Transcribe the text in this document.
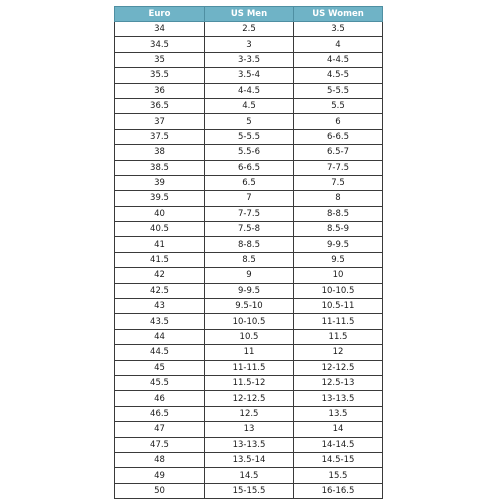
Euro	US Men	US Women
34	2.5	3.5
34.5	3	4
35	3-3.5	4-4.5
35.5	3.5-4	4.5-5
36	4-4.5	5-5.5
36.5	4.5	5.5
37	5	6
37.5	5-5.5	6-6.5
38	5.5-6	6.5-7
38.5	6-6.5	7-7.5
39	6.5	7.5
39.5	7	8
40	7-7.5	8-8.5
40.5	7.5-8	8.5-9
41	8-8.5	9-9.5
41.5	8.5	9.5
42	9	10
42.5	9-9.5	10-10.5
43	9.5-10	10.5-11
43.5	10-10.5	11-11.5
44	10.5	11.5
44.5	11	12
45	11-11.5	12-12.5
45.5	11.5-12	12.5-13
46	12-12.5	13-13.5
46.5	12.5	13.5
47	13	14
47.5	13-13.5	14-14.5
48	13.5-14	14.5-15
49	14.5	15.5
50	15-15.5	16-16.5
